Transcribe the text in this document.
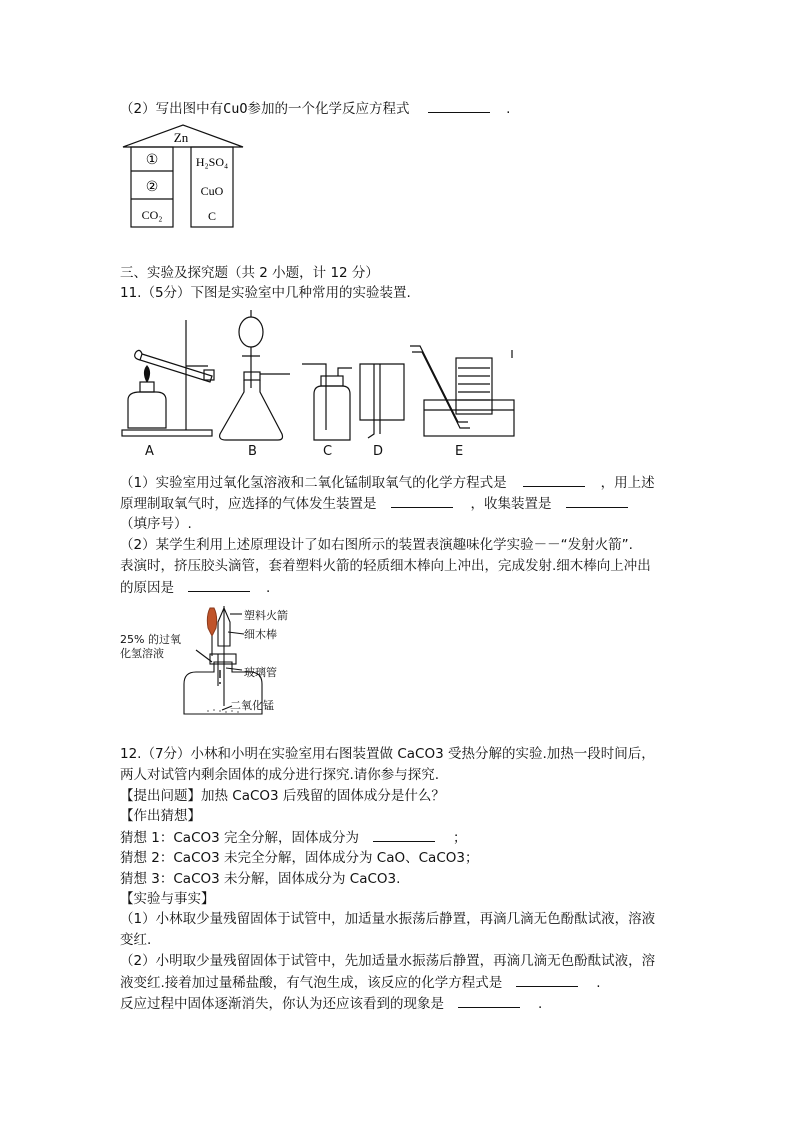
（2）写出图中有CuO参加的一个化学反应方程式	.
Zn
①
②
CO₂
H₂SO₄
CuO
C
三、实验及探究题（共 2 小题，计 12 分）
11.（5分）下图是实验室中几种常用的实验装置.
A	B	C	D	E
（1）实验室用过氧化氢溶液和二氧化锰制取氧气的化学方程式是	，用上述
原理制取氧气时，应选择的气体发生装置是	，收集装置是
（填序号）.
（2）某学生利用上述原理设计了如右图所示的装置表演趣味化学实验－－“发射火箭”.
表演时，挤压胶头滴管，套着塑料火箭的轻质细木棒向上冲出，完成发射.细木棒向上冲出
的原因是	.
塑料火箭
细木棒
25% 的过氧
化氢溶液
玻璃管
二氧化锰
12.（7分）小林和小明在实验室用右图装置做 CaCO3 受热分解的实验.加热一段时间后，
两人对试管内剩余固体的成分进行探究.请你参与探究.
【提出问题】加热 CaCO3 后残留的固体成分是什么？
【作出猜想】
猜想 1：CaCO3 完全分解，固体成分为	；
猜想 2：CaCO3 未完全分解，固体成分为 CaO、CaCO3；
猜想 3：CaCO3 未分解，固体成分为 CaCO3.
【实验与事实】
（1）小林取少量残留固体于试管中，加适量水振荡后静置，再滴几滴无色酚酞试液，溶液
变红.
（2）小明取少量残留固体于试管中，先加适量水振荡后静置，再滴几滴无色酚酞试液，溶
液变红.接着加过量稀盐酸，有气泡生成，该反应的化学方程式是	.
反应过程中固体逐渐消失，你认为还应该看到的现象是	.
